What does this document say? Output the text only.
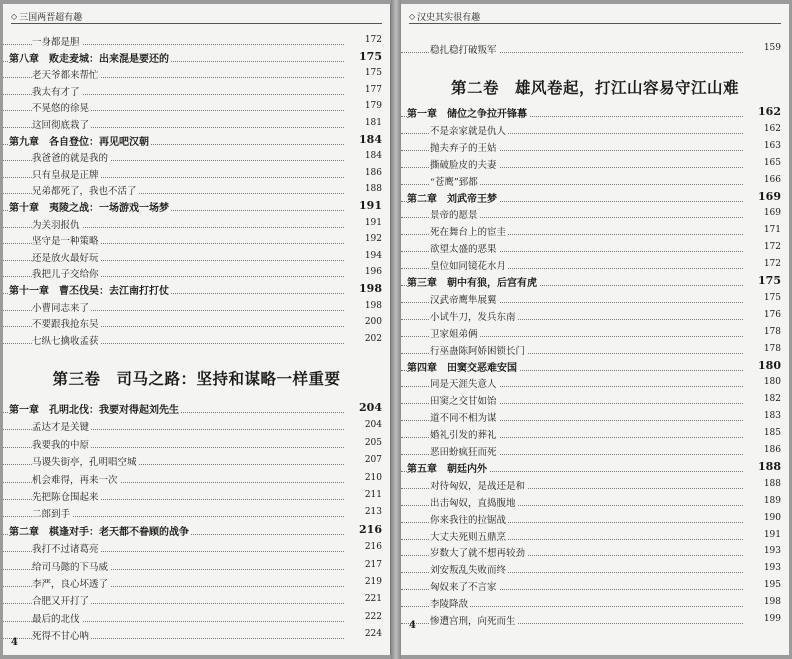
◇ 三国两晋超有趣
一身都是胆	172
第八章　败走麦城：出来混是要还的	175
老天爷都来帮忙	175
我太有才了	177
不晃悠的徐晃	179
这回彻底栽了	181
第九章　各自登位：再见吧汉朝	184
我爸爸的就是我的	184
只有皇叔是正牌	186
兄弟都死了，我也不活了	188
第十章　夷陵之战：一场游戏一场梦	191
为关羽报仇	191
坚守是一种策略	192
还是放火最好玩	194
我把儿子交给你	196
第十一章　曹丕伐吴：去江南打打仗	198
小曹同志来了	198
不要跟我抢东吴	200
七纵七擒收孟获	202
第三卷　司马之路：坚持和谋略一样重要
第一章　孔明北伐：我要对得起刘先生	204
孟达才是关键	204
我要我的中原	205
马谡失街亭，孔明唱空城	207
机会难得，再来一次	210
先把陈仓围起来	211
二郎到手	213
第二章　棋逢对手：老天都不眷顾的战争	216
我打不过诸葛亮	216
给司马懿的下马威	217
李严，良心坏透了	219
合肥又开打了	221
最后的北伐	222
死得不甘心呐	224
4
◇ 汉史其实很有趣
稳扎稳打破叛军	159
第二卷　雄风卷起，打江山容易守江山难
第一章　储位之争拉开锋幕	162
不是亲家就是仇人	162
抛夫弃子的王姑	163
撕破脸皮的夫妻	165
“苍鹰”郅都	166
第二章　刘武帝王梦	169
景帝的愿景	169
死在舞台上的宦圭	171
欲望太盛的恶果	172
皇位如同镜花水月	172
第三章　朝中有狼，后宫有虎	175
汉武帝鹰隼展翼	175
小试牛刀，发兵东南	176
卫家姐弟俩	178
行巫蛊陈阿娇困锁长门	178
第四章　田窦交恶难安国	180
同是天涯失意人	180
田窦之交甘如饴	182
道不同不相为谋	183
婚礼引发的葬礼	185
恶田蚡疯狂而死	186
第五章　朝廷内外	188
对待匈奴，是战还是和	188
出击匈奴，直捣腹地	189
你来我往的拉锯战	190
大丈夫死则五鼎烹	191
岁数大了就不想再较劲	193
刘安叛乱失败而终	193
匈奴来了不言家	195
李陵降敌	198
惨遭宫刑，向死而生	199
4
